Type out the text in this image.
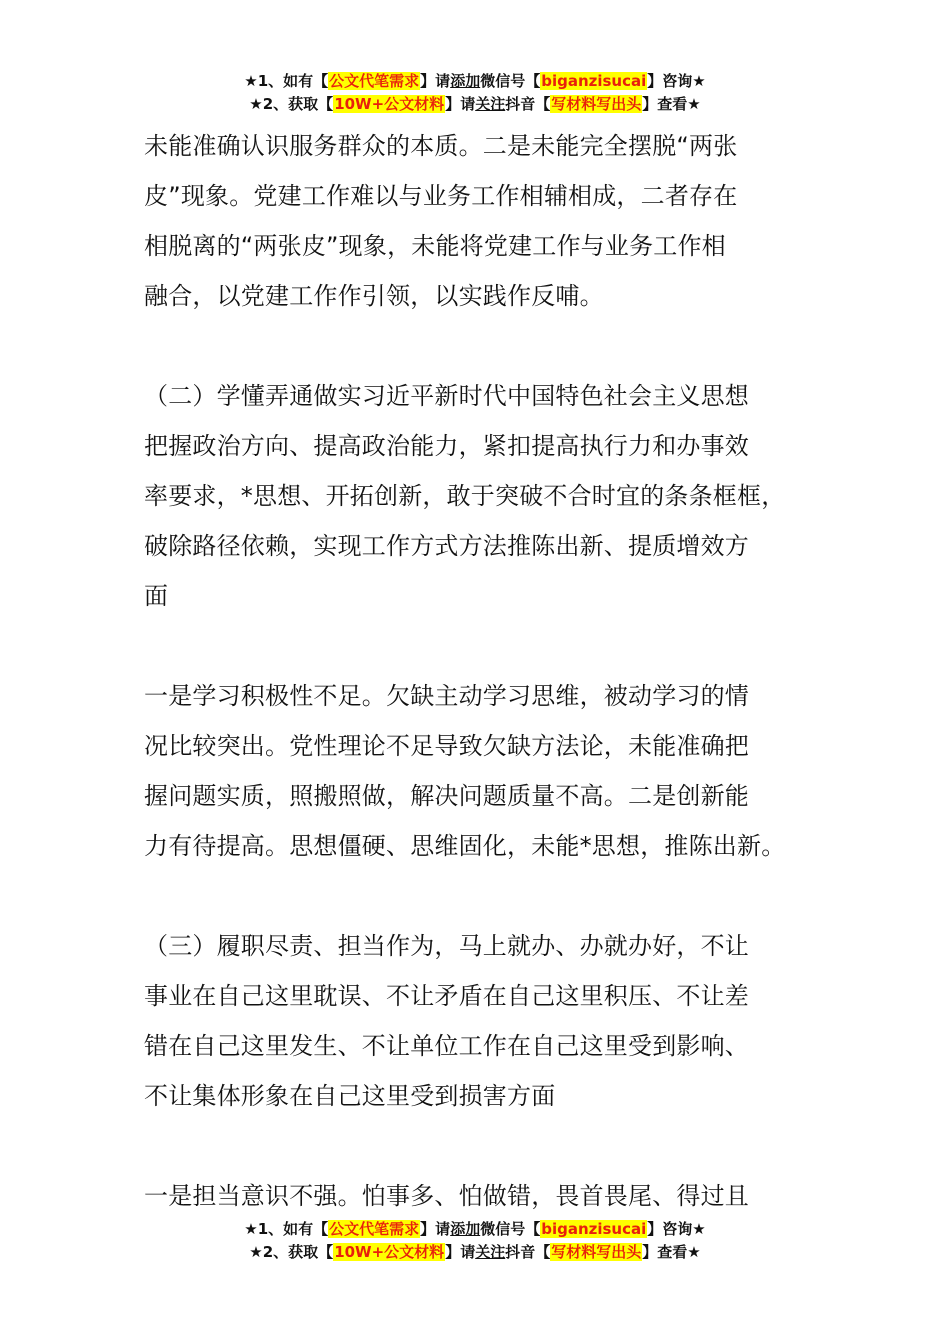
★1、如有【公文代笔需求】请添加微信号【biganzisucai】咨询★
★2、获取【10W+公文材料】请关注抖音【写材料写出头】查看★

未能准确认识服务群众的本质。二是未能完全摆脱“两张

皮”现象。党建工作难以与业务工作相辅相成，二者存在

相脱离的“两张皮”现象，未能将党建工作与业务工作相

融合，以党建工作作引领，以实践作反哺。

（二）学懂弄通做实习近平新时代中国特色社会主义思想

把握政治方向、提高政治能力，紧扣提高执行力和办事效

率要求，*思想、开拓创新，敢于突破不合时宜的条条框框，

破除路径依赖，实现工作方式方法推陈出新、提质增效方

面

一是学习积极性不足。欠缺主动学习思维，被动学习的情

况比较突出。党性理论不足导致欠缺方法论，未能准确把

握问题实质，照搬照做，解决问题质量不高。二是创新能

力有待提高。思想僵硬、思维固化，未能*思想，推陈出新。

（三）履职尽责、担当作为，马上就办、办就办好，不让

事业在自己这里耽误、不让矛盾在自己这里积压、不让差

错在自己这里发生、不让单位工作在自己这里受到影响、

不让集体形象在自己这里受到损害方面

一是担当意识不强。怕事多、怕做错，畏首畏尾、得过且

★1、如有【公文代笔需求】请添加微信号【biganzisucai】咨询★
★2、获取【10W+公文材料】请关注抖音【写材料写出头】查看★
